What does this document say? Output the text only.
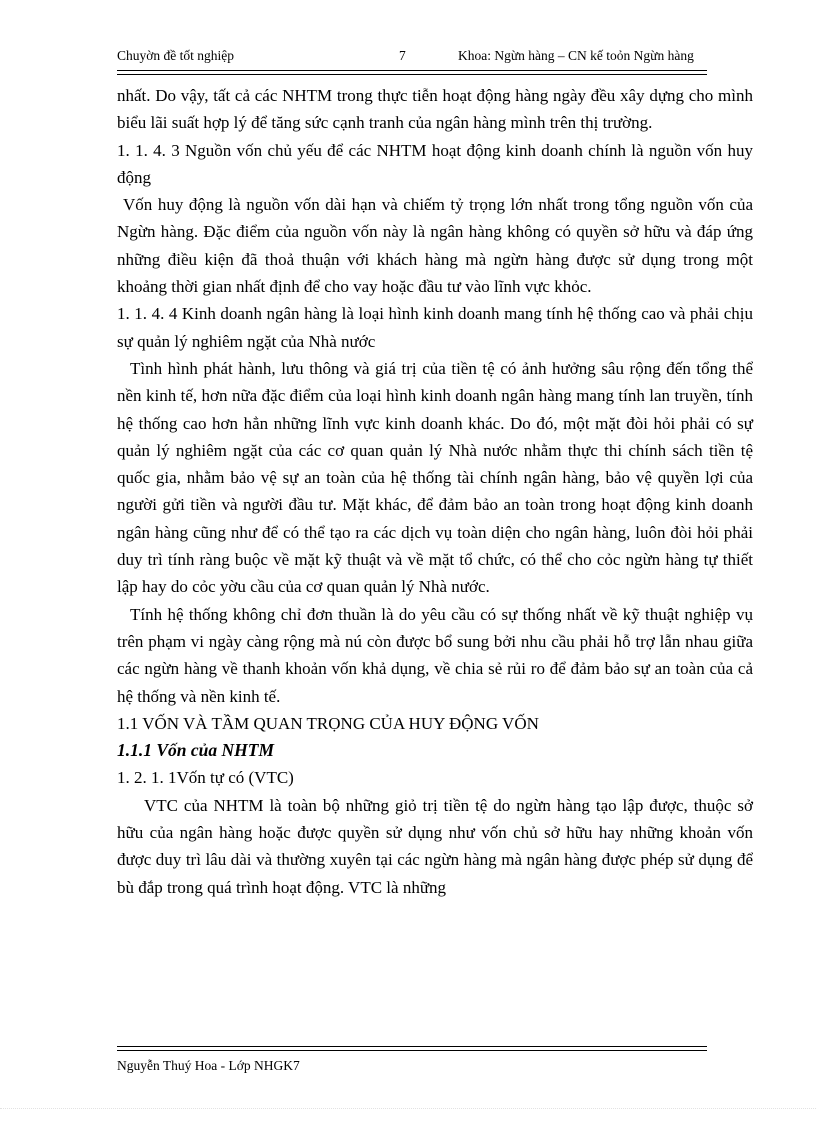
Chuyờn đề tốt nghiệp	7	Khoa: Ngừn hàng – CN kế toỏn Ngừn hàng

nhất. Do vậy, tất cả các NHTM trong thực tiễn hoạt động hàng ngày đều xây dựng cho mình biểu lãi suất hợp lý để tăng sức cạnh tranh của ngân hàng mình trên thị trường.

1. 1. 4. 3 Nguồn vốn chủ yếu để các NHTM hoạt động kinh doanh chính là nguồn vốn huy động

Vốn huy động là nguồn vốn dài hạn và chiếm tỷ trọng lớn nhất trong tổng nguồn vốn của Ngừn hàng. Đặc điểm của nguồn vốn này là ngân hàng không có quyền sở hữu và đáp ứng những điều kiện đã thoả thuận với khách hàng mà ngừn hàng được sử dụng trong một khoảng thời gian nhất định để cho vay hoặc đầu tư vào lĩnh vực khỏc.

1. 1. 4. 4 Kinh doanh ngân hàng là loại hình kinh doanh mang tính hệ thống cao và phải chịu sự quản lý nghiêm ngặt của Nhà nước

Tình hình phát hành, lưu thông và giá trị của tiền tệ có ảnh hưởng sâu rộng đến tổng thể nền kinh tế, hơn nữa đặc điểm của loại hình kinh doanh ngân hàng mang tính lan truyền, tính hệ thống cao hơn hẳn những lĩnh vực kinh doanh khác. Do đó, một mặt đòi hỏi phải có sự quản lý nghiêm ngặt của các cơ quan quản lý Nhà nước nhằm thực thi chính sách tiền tệ quốc gia, nhằm bảo vệ sự an toàn của hệ thống tài chính ngân hàng, bảo vệ quyền lợi của người gửi tiền và người đầu tư. Mặt khác, để đảm bảo an toàn trong hoạt động kinh doanh ngân hàng cũng như để có thể tạo ra các dịch vụ toàn diện cho ngân hàng, luôn đòi hỏi phải duy trì tính ràng buộc về mặt kỹ thuật và về mặt tổ chức, có thể cho cỏc ngừn hàng tự thiết lập hay do cỏc yờu cầu của cơ quan quản lý Nhà nước.

Tính hệ thống không chỉ đơn thuần là do yêu cầu có sự thống nhất về kỹ thuật nghiệp vụ trên phạm vi ngày càng rộng mà nú còn được bổ sung bởi nhu cầu phải hỗ trợ lẫn nhau giữa các ngừn hàng về thanh khoản vốn khả dụng, về chia sẻ rủi ro để đảm bảo sự an toàn của cả hệ thống và nền kinh tế.

1.1 VỐN VÀ TẦM QUAN TRỌNG CỦA HUY ĐỘNG VỐN

1.1.1 Vốn của NHTM

1. 2. 1. 1Vốn tự có (VTC)

VTC của NHTM là toàn bộ những giỏ trị tiền tệ do ngừn hàng tạo lập được, thuộc sở hữu của ngân hàng hoặc được quyền sử dụng như vốn chủ sở hữu hay những khoản vốn được duy trì lâu dài và thường xuyên tại các ngừn hàng mà ngân hàng được phép sử dụng để bù đắp trong quá trình hoạt động. VTC là những

Nguyễn Thuý Hoa - Lớp NHGK7
